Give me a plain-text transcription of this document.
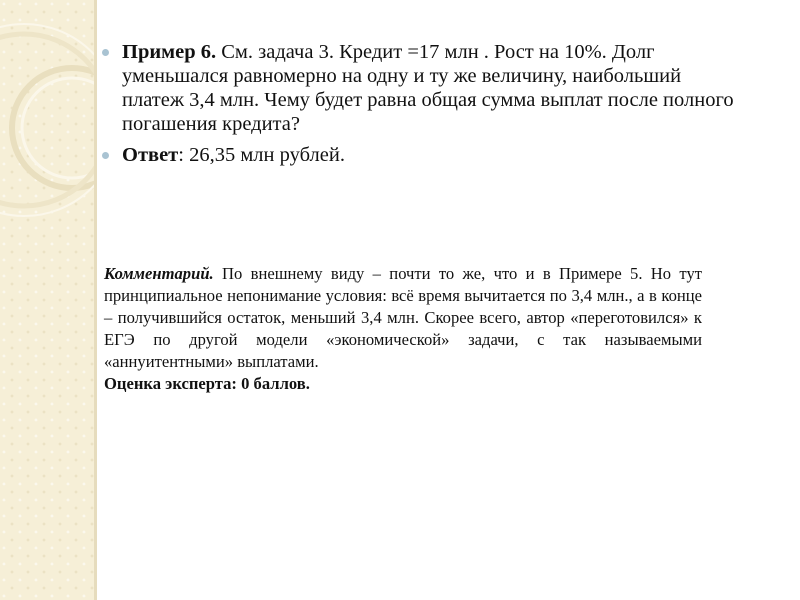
Пример 6. См. задача 3. Кредит =17 млн . Рост на 10%. Долг уменьшался равномерно на одну и ту же величину, наибольший платеж 3,4 млн. Чему будет равна общая сумма выплат после полного погашения кредита?
Ответ: 26,35 млн рублей.

Комментарий. По внешнему виду – почти то же, что и в Примере 5. Но тут принципиальное непонимание условия: всё время вычитается по 3,4 млн., а в конце – получившийся остаток, меньший 3,4 млн. Скорее всего, автор «переготовился» к ЕГЭ по другой модели «экономической» задачи, с так называемыми «аннуитентными» выплатами.

Оценка эксперта: 0 баллов.
